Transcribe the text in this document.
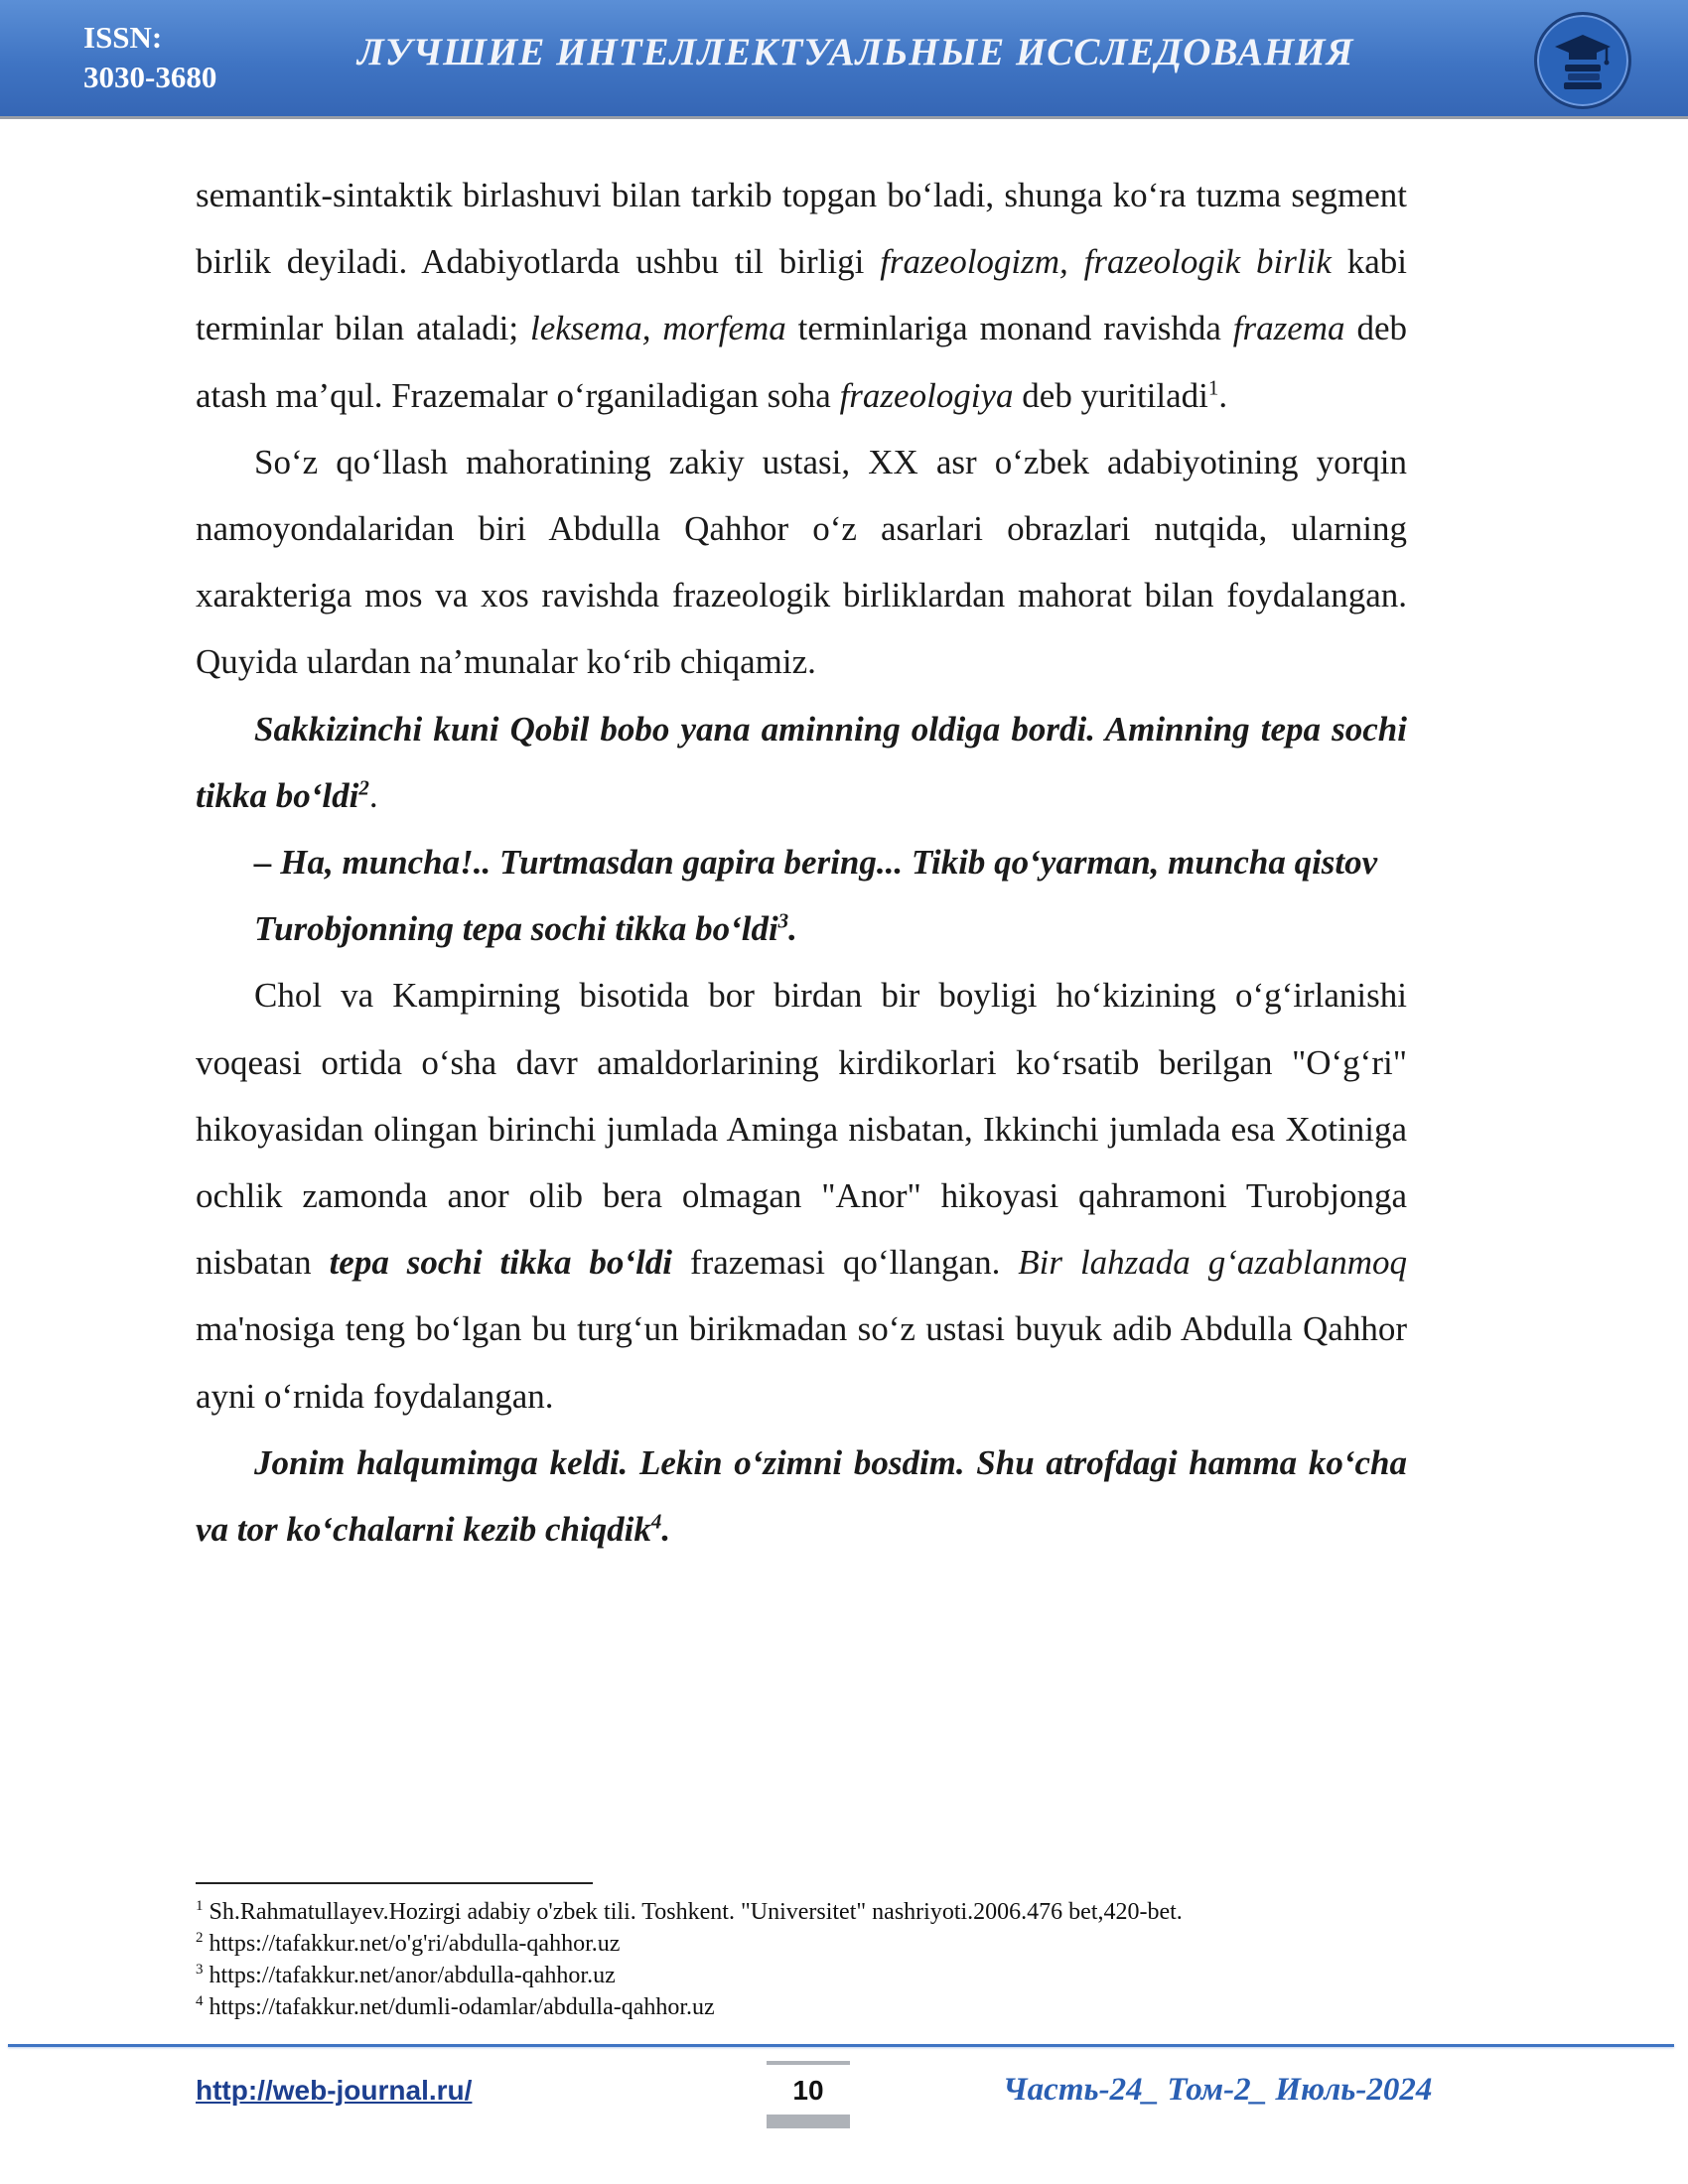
ISSN:
3030-3680
ЛУЧШИЕ ИНТЕЛЛЕКТУАЛЬНЫЕ ИССЛЕДОВАНИЯ

semantik-sintaktik birlashuvi bilan tarkib topgan bo‘ladi, shunga ko‘ra tuzma segment birlik deyiladi. Adabiyotlarda ushbu til birligi frazeologizm, frazeologik birlik kabi terminlar bilan ataladi; leksema, morfema terminlariga monand ravishda frazema deb atash ma’qul. Frazemalar o‘rganiladigan soha frazeologiya deb yuritiladi$^1$.

So‘z qo‘llash mahoratining zakiy ustasi, XX asr o‘zbek adabiyotining yorqin namoyondalaridan biri Abdulla Qahhor o‘z asarlari obrazlari nutqida, ularning xarakteriga mos va xos ravishda frazeologik birliklardan mahorat bilan foydalangan. Quyida ulardan na’munalar ko‘rib chiqamiz.

Sakkizinchi kuni Qobil bobo yana aminning oldiga bordi. Aminning tepa sochi tikka bo‘ldi$^2$.

– Ha, muncha!.. Turtmasdan gapira bering... Tikib qo‘yarman, muncha qistov

Turobjonning tepa sochi tikka bo‘ldi$^3$.

Chol va Kampirning bisotida bor birdan bir boyligi ho‘kizining o‘g‘irlanishi voqeasi ortida o‘sha davr amaldorlarining kirdikorlari ko‘rsatib berilgan "O‘g‘ri" hikoyasidan olingan birinchi jumlada Aminga nisbatan, Ikkinchi jumlada esa Xotiniga ochlik zamonda anor olib bera olmagan "Anor" hikoyasi qahramoni Turobjonga nisbatan tepa sochi tikka bo‘ldi frazemasi qo‘llangan. Bir lahzada g‘azablanmoq ma'nosiga teng bo‘lgan bu turg‘un birikmadan so‘z ustasi buyuk adib Abdulla Qahhor ayni o‘rnida foydalangan.

Jonim halqumimga keldi. Lekin o‘zimni bosdim. Shu atrofdagi hamma ko‘cha va tor ko‘chalarni kezib chiqdik$^4$.

$^1$ Sh.Rahmatullayev.Hozirgi adabiy o'zbek tili. Toshkent. "Universitet" nashriyoti.2006.476 bet,420-bet.
$^2$ https://tafakkur.net/o'g'ri/abdulla-qahhor.uz
$^3$ https://tafakkur.net/anor/abdulla-qahhor.uz
$^4$ https://tafakkur.net/dumli-odamlar/abdulla-qahhor.uz
http://web-journal.ru/	10	Часть-24_ Том-2_ Июль-2024
